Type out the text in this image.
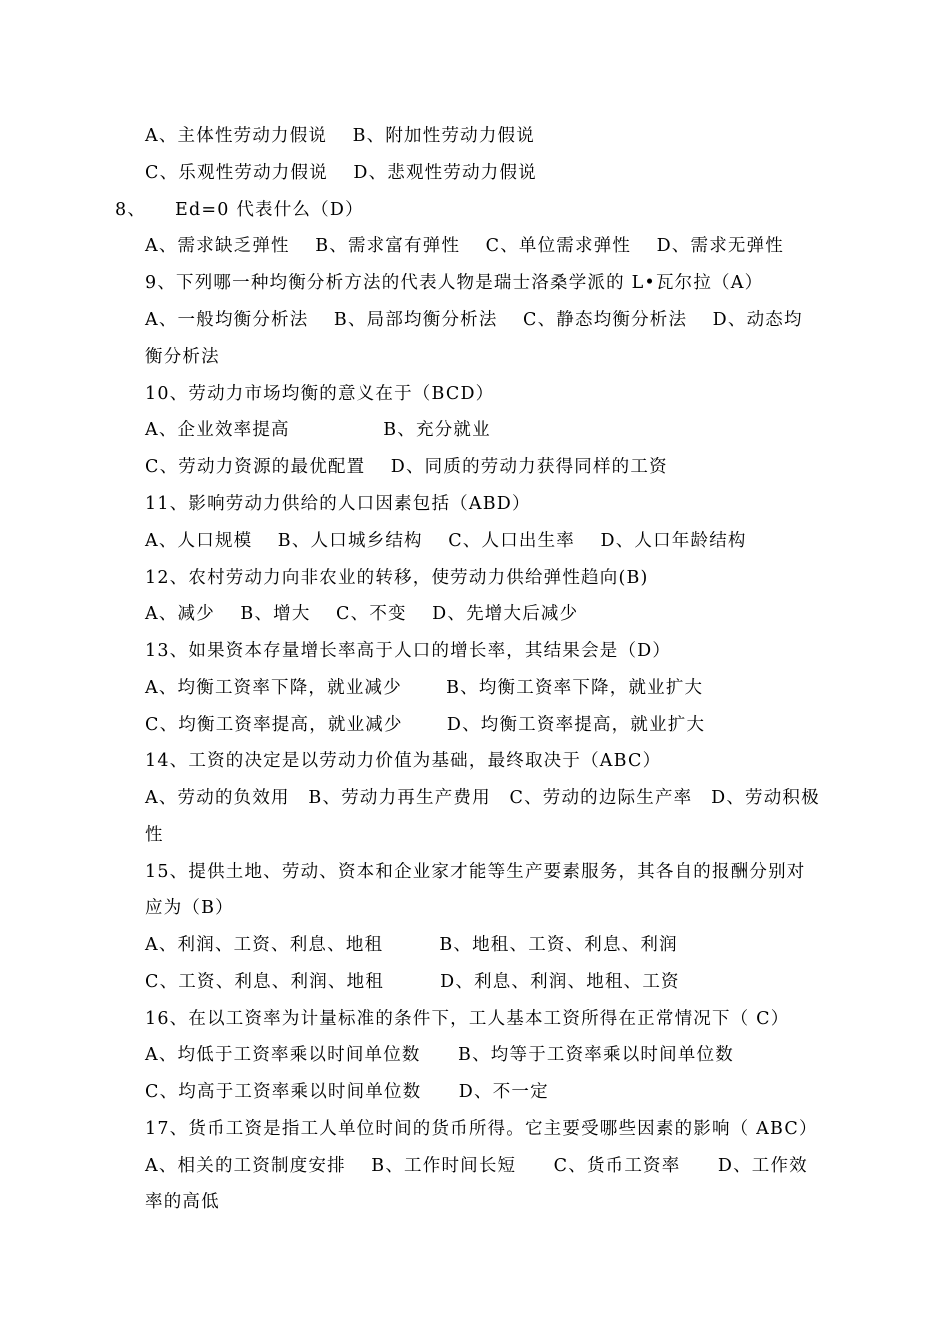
A、主体性劳动力假说　 B、附加性劳动力假说
C、乐观性劳动力假说　 D、悲观性劳动力假说
8、 Ed=0 代表什么（D）
A、需求缺乏弹性　 B、需求富有弹性　 C、单位需求弹性　 D、需求无弹性
9、下列哪一种均衡分析方法的代表人物是瑞士洛桑学派的 L•瓦尔拉（A）
A、一般均衡分析法　 B、局部均衡分析法　 C、静态均衡分析法　 D、动态均
衡分析法
10、劳动力市场均衡的意义在于（BCD）
A、企业效率提高　　　　　B、充分就业
C、劳动力资源的最优配置　 D、同质的劳动力获得同样的工资
11、影响劳动力供给的人口因素包括（ABD）
A、人口规模　 B、人口城乡结构　 C、人口出生率　 D、人口年龄结构
12、农村劳动力向非农业的转移，使劳动力供给弹性趋向(B)
A、减少　 B、增大　 C、不变　 D、先增大后减少
13、如果资本存量增长率高于人口的增长率，其结果会是（D）
A、均衡工资率下降，就业减少　　 B、均衡工资率下降，就业扩大
C、均衡工资率提高，就业减少　　 D、均衡工资率提高，就业扩大
14、工资的决定是以劳动力价值为基础，最终取决于（ABC）
A、劳动的负效用　B、劳动力再生产费用　C、劳动的边际生产率　D、劳动积极
性
15、提供土地、劳动、资本和企业家才能等生产要素服务，其各自的报酬分别对
应为（B）
A、利润、工资、利息、地租　　　B、地租、工资、利息、利润
C、工资、利息、利润、地租　　　D、利息、利润、地租、工资
16、在以工资率为计量标准的条件下，工人基本工资所得在正常情况下（ C）
A、均低于工资率乘以时间单位数　　B、均等于工资率乘以时间单位数
C、均高于工资率乘以时间单位数　　D、不一定
17、货币工资是指工人单位时间的货币所得。它主要受哪些因素的影响（ ABC）
A、相关的工资制度安排　 B、工作时间长短　　C、货币工资率　　D、工作效
率的高低
